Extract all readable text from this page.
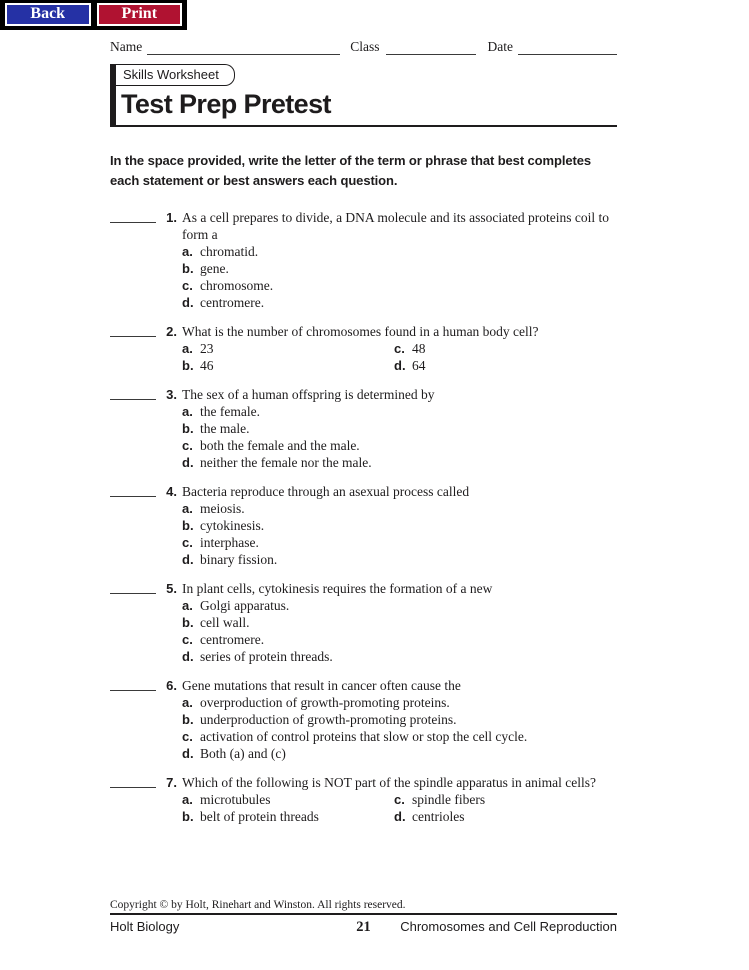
Back	Print
Name	Class	Date
Skills Worksheet
Test Prep Pretest

In the space provided, write the letter of the term or phrase that best completes each statement or best answers each question.

1. As a cell prepares to divide, a DNA molecule and its associated proteins coil to form a
a. chromatid.
b. gene.
c. chromosome.
d. centromere.
2. What is the number of chromosomes found in a human body cell?
a. 23
b. 46
c. 48
d. 64
3. The sex of a human offspring is determined by
a. the female.
b. the male.
c. both the female and the male.
d. neither the female nor the male.
4. Bacteria reproduce through an asexual process called
a. meiosis.
b. cytokinesis.
c. interphase.
d. binary fission.
5. In plant cells, cytokinesis requires the formation of a new
a. Golgi apparatus.
b. cell wall.
c. centromere.
d. series of protein threads.
6. Gene mutations that result in cancer often cause the
a. overproduction of growth-promoting proteins.
b. underproduction of growth-promoting proteins.
c. activation of control proteins that slow or stop the cell cycle.
d. Both (a) and (c)
7. Which of the following is NOT part of the spindle apparatus in animal cells?
a. microtubules
b. belt of protein threads
c. spindle fibers
d. centrioles
Copyright © by Holt, Rinehart and Winston. All rights reserved.
Holt Biology	21	Chromosomes and Cell Reproduction
